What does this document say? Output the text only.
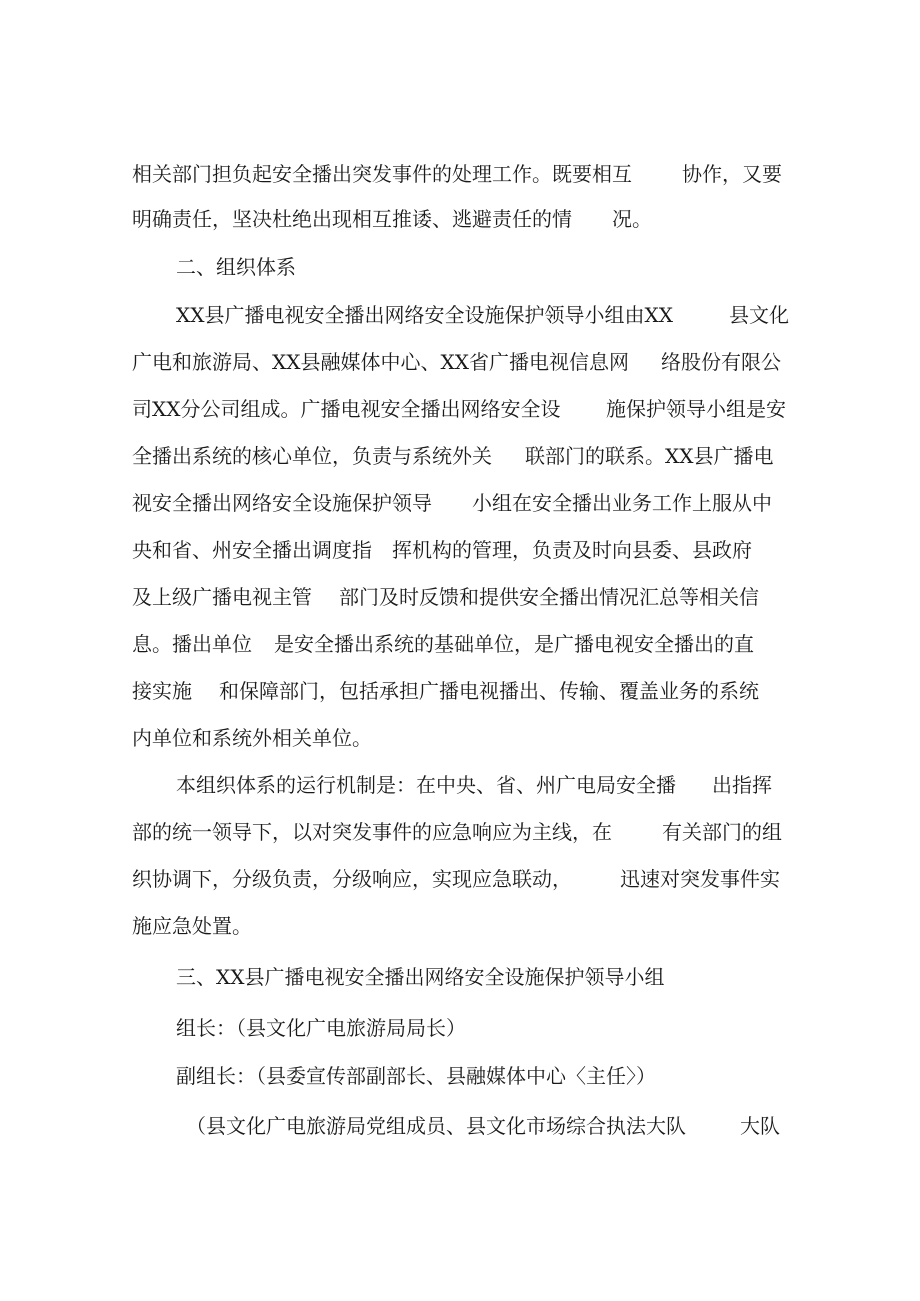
相关部门担负起安全播出突发事件的处理工作。既要相互

	协作，又要

明确责任，坚决杜绝出现相互推诿、逃避责任的情

况。

二、组织体系

XX县广播电视安全播出网络安全设施保护领导小组由XX

	县文化

广电和旅游局、XX县融媒体中心、XX省广播电视信息网

络股份有限公

司XX分公司组成。广播电视安全播出网络安全设

施保护领导小组是安

全播出系统的核心单位，负责与系统外关

联部门的联系。XX县广播电

视安全播出网络安全设施保护领导

小组在安全播出业务工作上服从中

央和省、州安全播出调度指

挥机构的管理，负责及时向县委、县政府

及上级广播电视主管

部门及时反馈和提供安全播出情况汇总等相关信

息。播出单位

是安全播出系统的基础单位，是广播电视安全播出的直

接实施

和保障部门，包括承担广播电视播出、传输、覆盖业务的系统

内单位和系统外相关单位。

本组织体系的运行机制是：在中央、省、州广电局安全播

出指挥

部的统一领导下，以对突发事件的应急响应为主线，在

	有关部门的组

织协调下，分级负责，分级响应，实现应急联动，

迅速对突发事件实

施应急处置。

三、XX县广播电视安全播出网络安全设施保护领导小组

组长：（县文化广电旅游局局长）

副组长：（县委宣传部副部长、县融媒体中心〈主任〉）

（县文化广电旅游局党组成员、县文化市场综合执法大队

	大队
